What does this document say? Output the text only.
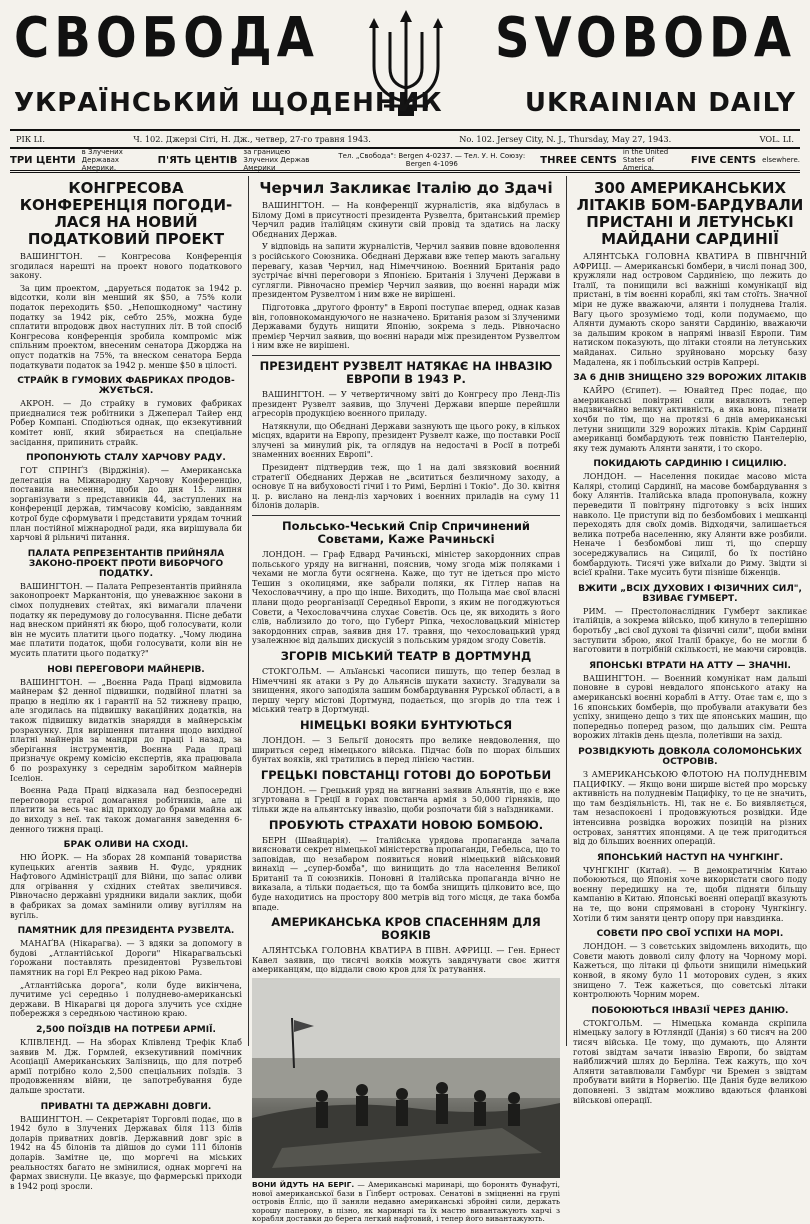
СВОБОДА	SVOBODA
УКРАЇНСЬКИЙ ЩОДЕННИК	UKRAINIAN DAILY
РІК LI.	Ч. 102. Джерзі Сіті, Н. Дж., четвер, 27-го травня 1943.	No. 102. Jersey City, N. J., Thursday, May 27, 1943.	VOL. LI.
ТРИ ЦЕНТИ
в Злучених Державах Америки.
П'ЯТЬ ЦЕНТІВ
за границею Злучених Держав Америки
Тел. „Свобода": Bergen 4-0237. — Тел. У. Н. Союзу: Bergen 4-1096	THREE CENTS
in the United States of America.
FIVE CENTS elsewhere.
КОНГРЕСОВА КОНФЕРЕНЦІЯ ПОГОДИ-ЛАСЯ НА НОВИЙ ПОДАТКОВИЙ ПРОЕКТ

ВАШИНГТОН. — Конгресова Конференція згодилася нарешті на проект нового податкового закону.

За цим проектом, „даруеться податок за 1942 р. відсотки, коли він менший як $50, а 75% коли податок переходить $50. „Непошкодному" частину податку за 1942 рік, себто 25%, можна буде сплатити впродовж двох наступних літ. В той спосіб Конгресова конференція зробила компроміс між спільним проектом, внесеним сенатора Джорджа на опуст податків на 75%, та внеском сенатора Берда податкувати податок за 1942 р. менше $50 в цілості.

СТРАЙК В ГУМОВИХ ФАБРИКАХ ПРОДОВ-ЖУЄТЬСЯ.

АКРОН. — До страйку в гумових фабриках приєдналися теж робітники з Джеперал Тайер енд Робер Компані. Сподіються однак, що екзекутивний комітет юнії, який збирається на спеціальне засідання, припинить страйк.

ПРОПОНУЮТЬ СТАЛУ ХАРЧОВУ РАДУ.

ГОТ СПРІНҐЗ (Вірджінія). — Американська делегація на Міжнародну Харчову Конференцію, поставила внесення, щоби до дня 15. липня зорганізувати з представників 44, заступлених на конференції держав, тимчасову комісію, завданням котрої буде сформувати і представити урядам точний план постійної міжнародної ради, яка вирішувала би харчові й рільничі питання.

ПАЛАТА РЕПРЕЗЕНТАНТІВ ПРИЙНЯЛА ЗАКОНО-ПРОЕКТ ПРОТИ ВИБОРЧОГО ПОДАТКУ.

ВАШИНГТОН. — Палата Репрезентантів прийняла законопроект Маркантонія, що уневажнює закони в сімох полудневих стейтах, які вимагали плачени податку як передумову до голосування. Пісне дебати над внеском прийняті як бюро, щоб голосувати, коли він не мусить платити цього податку. „Чому людина має платити податок, щоби голосувати, коли він не мусить платити цього податку?"

НОВІ ПЕРЕГОВОРИ МАЙНЕРІВ.

ВАШИНГТОН. — „Воєнна Рада Праці відмовила майнерам $2 денної підвишки, подвійної платні за працю в неділю як і гарантії на 52 тижневу працю, але згодилась на підвишку вакаційних додатків, на також підвишку видатків знаряддя в майнерськім розрахунку. Для вирішення питання щодо вихідної платні майнерів за мандри до праці і назад, за зберігання інструментів, Воєнна Рада праці призначує окрему комісію експертів, яка працювала б по розрахунку з середнім заробітком майнерів Іселіон.

Воєнна Рада Праці відказала над безпосередні переговори старої домагання робітників, але ці платити за весь час від приходу до брами майна аж до виходу з неї. так також домагання заведення 6-денного тижня праці.

БРАК ОЛИВИ НА СХОДІ.

НЮ ЙОРК. — На зборах 28 компаній товариства купецьких агентів заявив Н. Фудс, урядник Нафтового Адміністрації для Війни, що запас оливи для огрівання у східних стейтах звеличився. Рівночасно державні урядники видали заклик, щоби в фабриках за домах замінили оливу вугіллям на вугіль.

ПАМЯТНИК ДЛЯ ПРЕЗИДЕНТА РУЗВЕЛТА.

МАНАҐВА (Нікарагва). — З вдяки за допомогу в будові „Атлантійської Дороги" Нікарагвальські ґорожани поставлять президентові Рузвельтові памятник на горі Ел Рекрео над рікою Рама.

„Атлантійська дорога", коли буде викінчена, лучитиме усі середньо і полуднево-американські держави. В Нікарагві ця дорога злучить усе східне побережжя з середньою частиною краю.

2,500 ПОЇЗДІВ НА ПОТРЕБИ АРМІЇ.

КЛІВЛЕНД. — На зборах Клівленд Трефік Клаб заявив М. Дж. Гормлей, екзекутивний помічник Асоціації Американських Залізниць, що для потреб армії потрібно коло 2,500 спеціальних поїздів. З продовженням війни, це запотребування буде дальше зростати.

ПРИВАТНІ ТА ДЕРЖАВНІ ДОВГИ.

ВАШИНГТОН. — Секретаріят Торговлі подає, що в 1942 було в Злучених Державах біля 113 білів доларів приватних довгів. Державний довг зріс в 1942 на 45 білонів та дійшов до суми 111 білонів доларів. Замітне це, що моргечі на міських реальностях багато не змінилися, однак моргечі на фармах звиснули. Це вказує, що фармерські приходи в 1942 році зросли.

Черчил Закликає Італію до Здачі

ВАШИНГТОН. — На конференції журналістів, яка відбулась в Білому Домі в присутності президента Рузвелта, британський премієр Черчил радив італійцям скинути свій провід та здатись на ласку Обєднаних Держав.

У відповідь на запити журналістів, Черчил заявив повне вдоволення з російського Союзника. Обєднані Держави вже тепер мають загальну перевагу, казав Черчил, над Німеччиною. Воєнний Британія радо зустрічає вічні переговори з Японією. Британія і Злучені Держави в суглягли. Рівночасно премієр Черчил заявив, що воєнні наради між президентом Рузвелтом і ним вже не вирішені.

Підготовка „другого фронту" в Европі поступає вперед, однак казав він, головнокомандуючого не назначено. Британія разом зі Злученими Державами будуть нищити Японію, зокрема з ледь. Рівночасно премієр Черчил заявив, що воєнні наради між президентом Рузвелтом і ним вже не вирішені.

ПРЕЗИДЕНТ РУЗВЕЛТ НАТЯКАЄ НА ІНВАЗІЮ ЕВРОПИ В 1943 Р.

ВАШИНГТОН. — У четвертичному звіті до Конгресу про Ленд-Ліз президент Рузвелт заявив, що Злучені Держави вперше перейшли агресорів продукцією воєнного приладу.

Натякнули, що Обєднані Держави зазнують ще цього року, в кількох місцях, вдарити на Европу, президент Рузвелт каже, що поставки Росії злучені за минулий рік, та оглядув на недостачі в Росії в потребі знаменних воєнних Европі".

Президент підтвердив теж, що 1 на далі звязковий воєнний стратегії Обєднаних Держав не „всититься безличному заходу, а основує її на вибуховості гічиї і то Римі, Берліні і Токіо". До 30. квітня ц. р. вислано на ленд-ліз харчових і воєнних приладів на суму 11 білонів доларів.

Польсько-Чеський Спір Спричинений Совєтами, Каже Рачиньскі

ЛОНДОН. — Граф Едвард Рачиньскі, міністер закордонних справ польського уряду на вигнанні, пояснив, чому згода між поляками і чехами не могла бути осягнена. Каже, що тут не ідеться про місто Тешин з околицями, яке забрали поляки, як Гітлер напав на Чехословаччину, а про що інше. Виходить, що Польща має свої власні плани щодо реорганізації Середньої Европи, з яким не погоджуються Совєти, а Чехословаччина слухає Совєтів. Ось це, як виходить з його слів, наблизило до того, що Губерт Ріпка, чехословацький міністер закордонних справ, заявив дня 17. травня, що чехословацький уряд узалежнює від дальших дискусій з польським урядом згоду Совєтів.

ЗГОРІВ МІСЬКИЙ ТЕАТР В ДОРТМУНД

СТОКГОЛЬМ. — Альїанські часописи пишуть, що тепер безлад в Німеччині як атаки з Ру до Альянсів шукати захисту. Згадували за знищення, якого заподіяла зашим бомбардування Рурської області, а в першу чергу містові Дортмунд, подається, що згорів до тла теж і міський театр в Дортмунді.

НІМЕЦЬКІ ВОЯКИ БУНТУЮТЬСЯ

ЛОНДОН. — З Бельгії доносять про велике невдоволення, що шириться серед німецького війська. Підчас боїв по шорах більших бунтах вояків, які тратились в перед лінією частин.

ГРЕЦЬКІ ПОВСТАНЦІ ГОТОВІ ДО БОРОТЬБИ

ЛОНДОН. — Грецький уряд на вигнанні заявив Альянтів, що є вже згуртована в Греції в горах повстанча армія з 50,000 гірняків, що тільки жде на альянтську інвазію, щоби розпочати бій з наїздниками.

ПРОБУЮТЬ СТРАХАТИ НОВОЮ БОМБОЮ.

БЕРН (Швайцарія). — Італійська урядова пропаганда зачала виясновати секрет німецької міністерства пропаганди, Гебельса, що то заповідав, що незабаром появиться новий німецький військовий винахід — „супер-бомба", що винищить до тла населення Великої Британії та її союзників. Поновні й італійська пропаганда вічно не виказала, а тільки подається, що та бомба знищить цілковито все, що буде находитись на простору 800 метрів від того місця, де така бомба впаде.

АМЕРИКАНСЬКА КРОВ СПАСЕННЯМ ДЛЯ ВОЯКІВ

АЛЯНТСЬКА ГОЛОВНА КВАТИРА В ПІВН. АФРИЦІ. — Ген. Ернест Кавел заявив, що тисячі вояків можуть завдячувати своє життя американцям, що віддали свою кров для їх ратування.

ВОНИ ЙДУТЬ НА БЕРІГ. — Американські маринарі, що боронять Фунафуті, нової американської бази в Ґілберт островах. Сенатові в зміцненні на групі островів Елліс, що її заняли недавно американські збройні сили, держать хорошу паперову, в пізно, як маринарі та їх мастю вивантажують харчі з корабля доставки до берега легкий нафтовий, і тепер його вивантажують.
300 АМЕРИКАНСЬКИХ ЛІТАКІВ БОМ-БАРДУВАЛИ ПРИСТАНІ И ЛЕТУНСЬКІ МАЙДАНИ САРДИНІЇ

АЛЯНТСЬКА ГОЛОВНА КВАТИРА В ПІВНІЧНІЙ АФРИЦІ. — Американські бомбери, в числі понад 300, кружляли над островом Сардинією, що лежить до Італії, та понищили всі важніші комунікації від пристані, в тім воєнні кораблі, які там стоїть. Значної міри не дуже вважаючи, алянти і полуднева Італія. Вагу цього зрозуміємо тоді, коли подумаємо, що Алянти думають скоро заняти Сардинію, вважаючи за дальшим кроком в напрямі інвазії Европи. Тим натиском показують, що літаки стояли на летунських майданах. Сильно зруйновано морську базу Мадалена, як і побільський острів Капрері.

ЗА 6 ДНІВ ЗНИЩЕНО 329 ВОРОЖИХ ЛІТАКІВ

КАЙРО (Єгипет). — Юнайтед Прес подає, що американські повітряні сили виявляють тепер надзвичайно велику активність, а яка вона, пізнати хочби по тім, що на протязі 6 днів американські летуни знищили 329 ворожих літаків. Крім Сардинії американці бомбардують теж повністю Пантелерію, яку теж думають Алянти заняти, і то скоро.

ПОКИДАЮТЬ САРДИНІЮ І СИЦИЛІЮ.

ЛОНДОН. — Населення покидає масово міста Калярі, столиці Сардинії, на масове бомбардування з боку Алянтів. Італійська влада пропонувала, кожну переведити її повітряну підготовку з всіх інших навколо. Це приступи від по безбомбових і мешканці переходять для своїх домів. Відходячи, залишається велика потреба населенню, яку Алянти вже розбили. Неначе і безбомбові лиш ті, що спершу зосереджувались на Сицилії, бо їх постійно бомбардують. Тисячі уже виїхали до Риму. Звідти зі всієї країни. Таке мусить бути пізніше біженців.

ВЖИТИ „ВСІХ ДУХОВИХ І ФІЗИЧНИХ СИЛ", ВЗИВАЄ ГУМБЕРТ.

РИМ. — Престолонаслідник Гумберт закликає італійців, а зокрема військо, щоб кинуло в теперішню боротьбу „всі свої духові та фізичні сили", щоби вміни заступити зброю, якої Італії бракує, бо не могли б наготовити в потрібній скількості, не маючи сировців.

ЯПОНСЬКІ ВТРАТИ НА АТТУ — ЗНАЧНІ.

ВАШИНГТОН. — Воєнний комунікат нам дальші поновне в сурові невдалого японського атаку на американські воєнні кораблі в Атту. Отає там є, що з 16 японських бомберів, що пробували атакувати без успіху, знищено дещо з тих ще японських машин, що попередньо поперед разом, що дальших сім. Решта ворожих літаків день щезла, полетівши на захід.

РОЗВІДКУЮТЬ ДОВКОЛА СОЛОМОНСЬКИХ ОСТРОВІВ.

З АМЕРИКАНСЬКОЮ ФЛОТОЮ НА ПОЛУДНЕВІМ ПАЦИФІКУ. — Якщо вони ширше вістей про морську активність на полудневім Пацифіку, то це не значить, що там бездіяльність. Ні, так не є. Бо виявляється, там незаспокоєні і продовжуються розвідки. Йде інтенсивна розвідка ворожих позицій на різних островах, заняттих японцями. А це теж пригодиться від до більших воєнних операцій.

ЯПОНСЬКИЙ НАСТУП НА ЧУНГКІНГ.

ЧУНГКІНГ (Китай). — В демократичнім Китаю побоюються, що Японія хоче використати свого поду воєнну передишку на те, щоби підняти більшу кампанію в Китаю. Японські воєнні операції вказують на те, що вони спрямовані в сторону Чунгкінгу. Хотіли б тим заняти центр опору при навздинка.

СОВЄТИ ПРО СВОЇ УСПІХИ НА МОРІ.

ЛОНДОН. — З совєтських звідомлень виходить, що Совєти мають довволі силу флоту на Чорному морі. Кажеться, що літаки ці фльоти знищили німецький конвой, в якому було 11 моторових суден, з яких знищено 7. Теж кажеться, що совєтські літаки контролюють Чорним морем.

ПОБОЮЮТЬСЯ ІНВАЗІЇ ЧЕРЕЗ ДАНІЮ.

СТОКГОЛЬМ. — Німецька команда скріпила німецьку залогу в Ютляндії (Данія) з 60 тисяч на 200 тисяч війська. Це тому, що думають, що Алянти готові звідтам зачати інвазію Европи, бо звідтам найближчий шлях до Берліна. Теж кажуть, що хоч Алянти затавлювали Гамбург чи Бремен з звідтам пробувати вийти в Норвегію. Ще Данія буде великою доповнені. З звідтам можливо вдаються фланкові військові операції.
